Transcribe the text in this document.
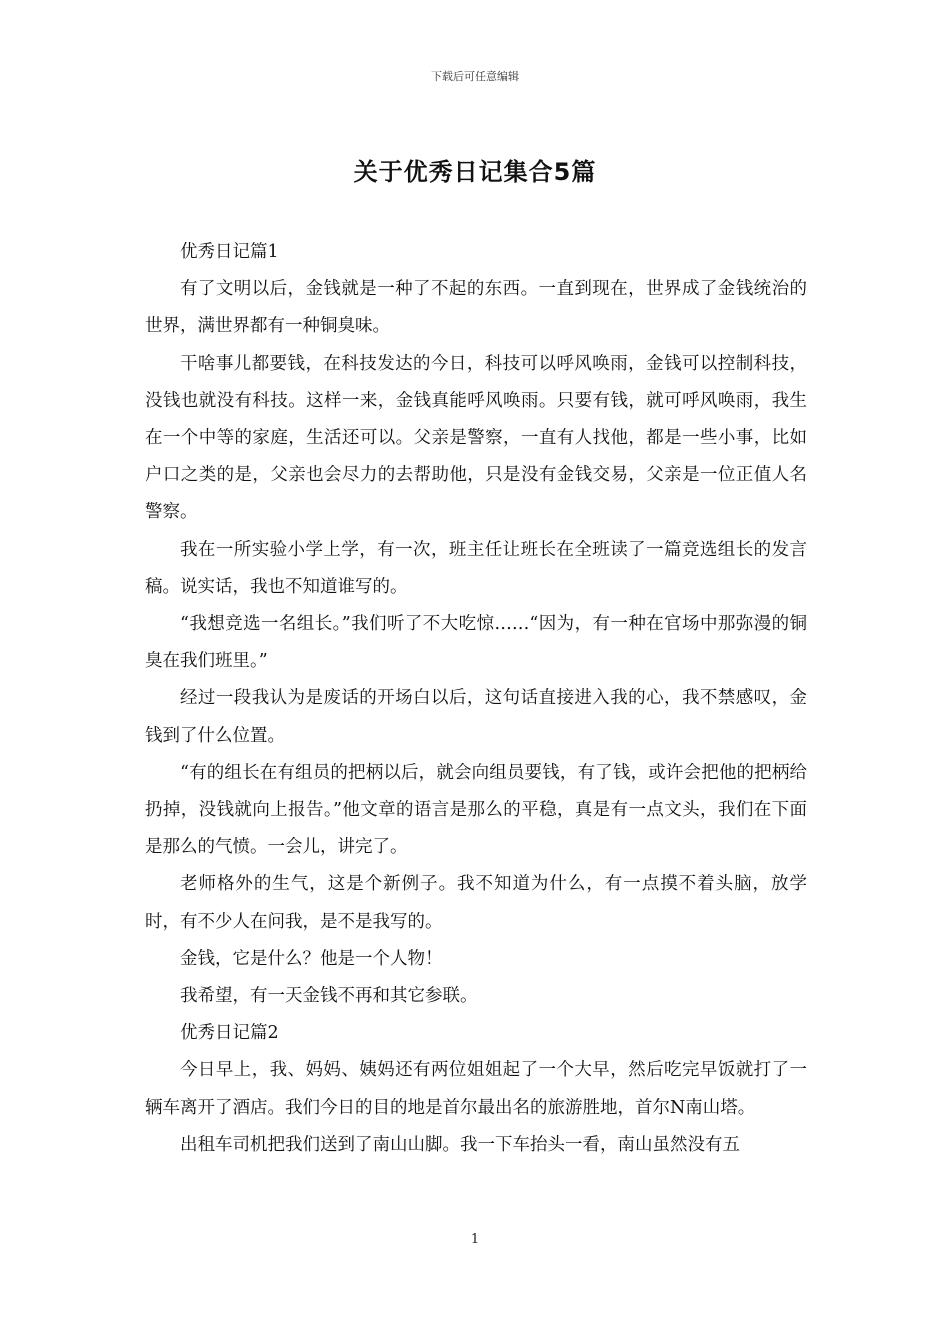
下载后可任意编辑
关于优秀日记集合5篇

优秀日记篇1

有了文明以后，金钱就是一种了不起的东西。一直到现在，世界成了金钱统治的世界，满世界都有一种铜臭味。

干啥事儿都要钱，在科技发达的今日，科技可以呼风唤雨，金钱可以控制科技，没钱也就没有科技。这样一来，金钱真能呼风唤雨。只要有钱，就可呼风唤雨，我生在一个中等的家庭，生活还可以。父亲是警察，一直有人找他，都是一些小事，比如户口之类的是，父亲也会尽力的去帮助他，只是没有金钱交易，父亲是一位正值人名警察。

我在一所实验小学上学，有一次，班主任让班长在全班读了一篇竞选组长的发言稿。说实话，我也不知道谁写的。

“我想竞选一名组长。”我们听了不大吃惊……“因为，有一种在官场中那弥漫的铜臭在我们班里。”

经过一段我认为是废话的开场白以后，这句话直接进入我的心，我不禁感叹，金钱到了什么位置。

“有的组长在有组员的把柄以后，就会向组员要钱，有了钱，或许会把他的把柄给扔掉，没钱就向上报告。”他文章的语言是那么的平稳，真是有一点文头，我们在下面是那么的气愤。一会儿，讲完了。

老师格外的生气，这是个新例子。我不知道为什么，有一点摸不着头脑，放学时，有不少人在问我，是不是我写的。

金钱，它是什么？他是一个人物！

我希望，有一天金钱不再和其它参联。

优秀日记篇2

今日早上，我、妈妈、姨妈还有两位姐姐起了一个大早，然后吃完早饭就打了一辆车离开了酒店。我们今日的目的地是首尔最出名的旅游胜地，首尔N南山塔。

出租车司机把我们送到了南山山脚。我一下车抬头一看，南山虽然没有五

1
